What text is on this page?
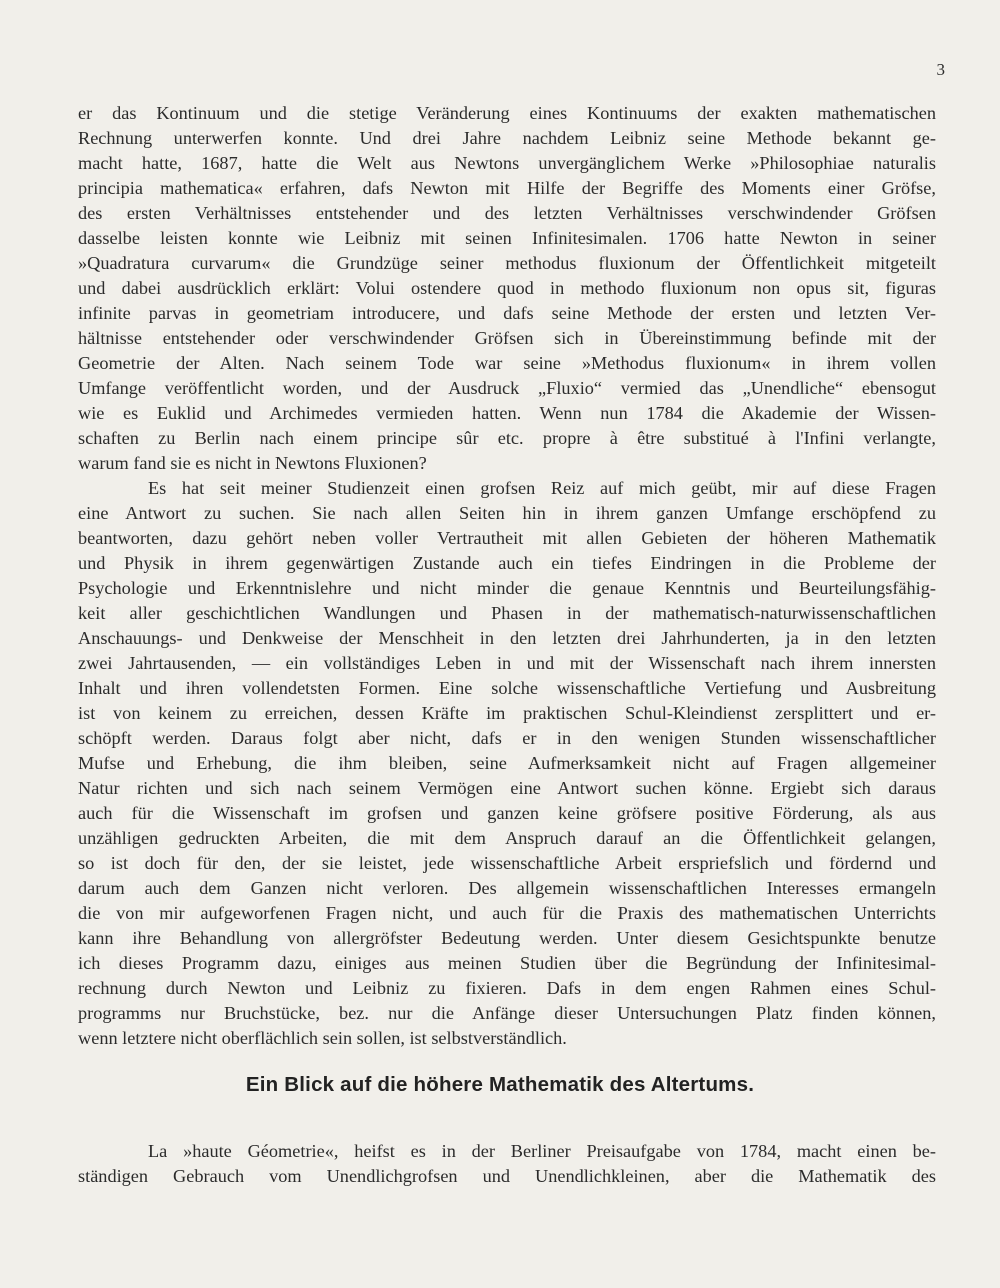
3
er das Kontinuum und die stetige Veränderung eines Kontinuums der exakten mathematischen
Rechnung unterwerfen konnte. Und drei Jahre nachdem Leibniz seine Methode bekannt ge-
macht hatte, 1687, hatte die Welt aus Newtons unvergänglichem Werke »Philosophiae naturalis
principia mathematica« erfahren, dafs Newton mit Hilfe der Begriffe des Moments einer Gröfse,
des ersten Verhältnisses entstehender und des letzten Verhältnisses verschwindender Gröfsen
dasselbe leisten konnte wie Leibniz mit seinen Infinitesimalen. 1706 hatte Newton in seiner
»Quadratura curvarum« die Grundzüge seiner methodus fluxionum der Öffentlichkeit mitgeteilt
und dabei ausdrücklich erklärt: Volui ostendere quod in methodo fluxionum non opus sit, figuras
infinite parvas in geometriam introducere, und dafs seine Methode der ersten und letzten Ver-
hältnisse entstehender oder verschwindender Gröfsen sich in Übereinstimmung befinde mit der
Geometrie der Alten. Nach seinem Tode war seine »Methodus fluxionum« in ihrem vollen
Umfange veröffentlicht worden, und der Ausdruck „Fluxio“ vermied das „Unendliche“ ebensogut
wie es Euklid und Archimedes vermieden hatten. Wenn nun 1784 die Akademie der Wissen-
schaften zu Berlin nach einem principe sûr etc. propre à être substitué à l'Infini verlangte,
warum fand sie es nicht in Newtons Fluxionen?
Es hat seit meiner Studienzeit einen grofsen Reiz auf mich geübt, mir auf diese Fragen
eine Antwort zu suchen. Sie nach allen Seiten hin in ihrem ganzen Umfange erschöpfend zu
beantworten, dazu gehört neben voller Vertrautheit mit allen Gebieten der höheren Mathematik
und Physik in ihrem gegenwärtigen Zustande auch ein tiefes Eindringen in die Probleme der
Psychologie und Erkenntnislehre und nicht minder die genaue Kenntnis und Beurteilungsfähig-
keit aller geschichtlichen Wandlungen und Phasen in der mathematisch-naturwissenschaftlichen
Anschauungs- und Denkweise der Menschheit in den letzten drei Jahrhunderten, ja in den letzten
zwei Jahrtausenden, — ein vollständiges Leben in und mit der Wissenschaft nach ihrem innersten
Inhalt und ihren vollendetsten Formen. Eine solche wissenschaftliche Vertiefung und Ausbreitung
ist von keinem zu erreichen, dessen Kräfte im praktischen Schul-Kleindienst zersplittert und er-
schöpft werden. Daraus folgt aber nicht, dafs er in den wenigen Stunden wissenschaftlicher
Mufse und Erhebung, die ihm bleiben, seine Aufmerksamkeit nicht auf Fragen allgemeiner
Natur richten und sich nach seinem Vermögen eine Antwort suchen könne. Ergiebt sich daraus
auch für die Wissenschaft im grofsen und ganzen keine gröfsere positive Förderung, als aus
unzähligen gedruckten Arbeiten, die mit dem Anspruch darauf an die Öffentlichkeit gelangen,
so ist doch für den, der sie leistet, jede wissenschaftliche Arbeit erspriefslich und fördernd und
darum auch dem Ganzen nicht verloren. Des allgemein wissenschaftlichen Interesses ermangeln
die von mir aufgeworfenen Fragen nicht, und auch für die Praxis des mathematischen Unterrichts
kann ihre Behandlung von allergröfster Bedeutung werden. Unter diesem Gesichtspunkte benutze
ich dieses Programm dazu, einiges aus meinen Studien über die Begründung der Infinitesimal-
rechnung durch Newton und Leibniz zu fixieren. Dafs in dem engen Rahmen eines Schul-
programms nur Bruchstücke, bez. nur die Anfänge dieser Untersuchungen Platz finden können,
wenn letztere nicht oberflächlich sein sollen, ist selbstverständlich.
Ein Blick auf die höhere Mathematik des Altertums.
La »haute Géometrie«, heifst es in der Berliner Preisaufgabe von 1784, macht einen be-
ständigen Gebrauch vom Unendlichgrofsen und Unendlichkleinen, aber die Mathematik des
